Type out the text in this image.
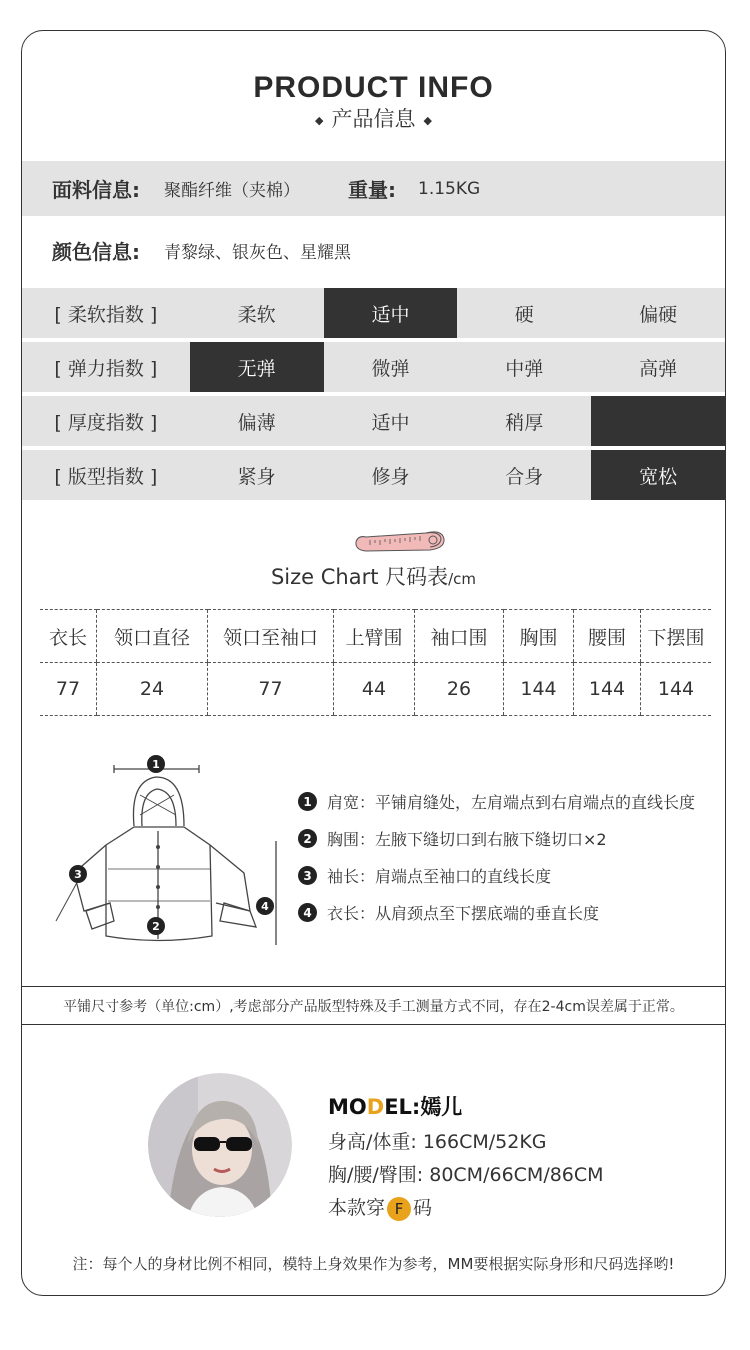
PRODUCT INFO
◆ 产品信息 ◆
面料信息: 聚酯纤维（夹棉） 重量: 1.15KG
颜色信息: 青黎绿、银灰色、星耀黑
[ 柔软指数 ]	柔软	适中	硬	偏硬
[ 弹力指数 ]	无弹	微弹	中弹	高弹
[ 厚度指数 ]	偏薄	适中	稍厚
[ 版型指数 ]	紧身	修身	合身	宽松
Size Chart 尺码表/cm
衣长	领口直径	领口至袖口	上臂围	袖口围	胸围	腰围	下摆围
77	24	77	44	26	144	144	144
1
2
3
4
1 肩宽：平铺肩缝处，左肩端点到右肩端点的直线长度
2 胸围：左腋下缝切口到右腋下缝切口×2
3 袖长：肩端点至袖口的直线长度
4 衣长：从肩颈点至下摆底端的垂直长度
平铺尺寸参考（单位:cm）,考虑部分产品版型特殊及手工测量方式不同，存在2-4cm误差属于正常。
MODEL:嫣儿
身高/体重: 166CM/52KG
胸/腰/臀围: 80CM/66CM/86CM
本款穿 F 码
注：每个人的身材比例不相同，模特上身效果作为参考，MM要根据实际身形和尺码选择哟!
